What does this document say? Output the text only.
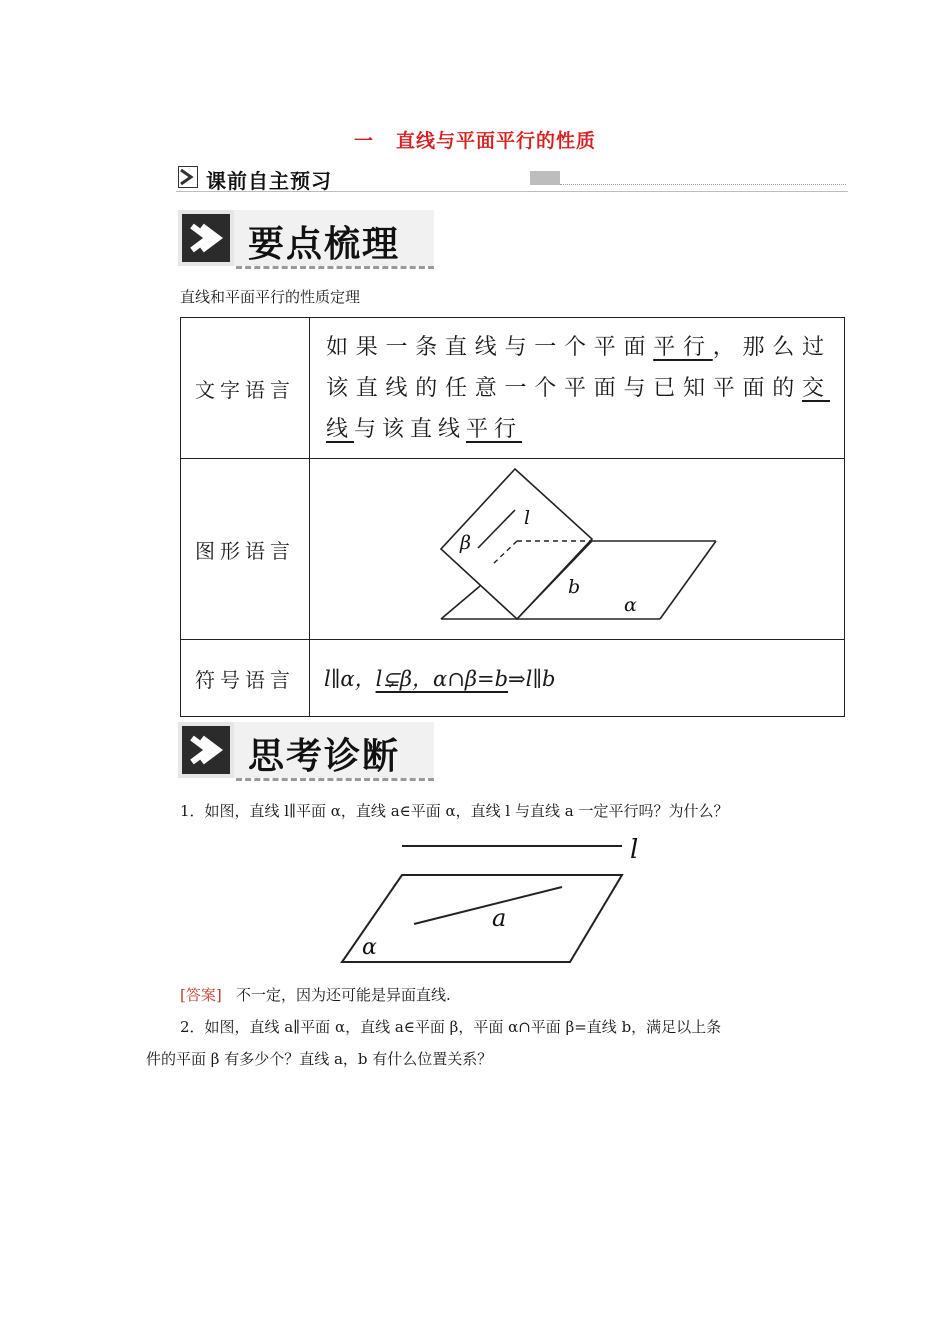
一 直线与平面平行的性质
课前自主预习
要点梳理
直线和平面平行的性质定理
文字语言	如果一条直线与一个平面平行，那么过该直线的任意一个平面与已知平面的交线与该直线平行
图形语言	l
β
b
α

符号语言	l∥α，l⊊β，α∩β=b⇒l∥b
思考诊断
1．如图，直线 l∥平面 α，直线 a∈平面 α，直线 l 与直线 a 一定平行吗？为什么？
l
a
α
[答案] 不一定，因为还可能是异面直线.
2．如图，直线 a∥平面 α，直线 a∈平面 β，平面 α∩平面 β=直线 b，满足以上条
件的平面 β 有多少个？直线 a，b 有什么位置关系？
